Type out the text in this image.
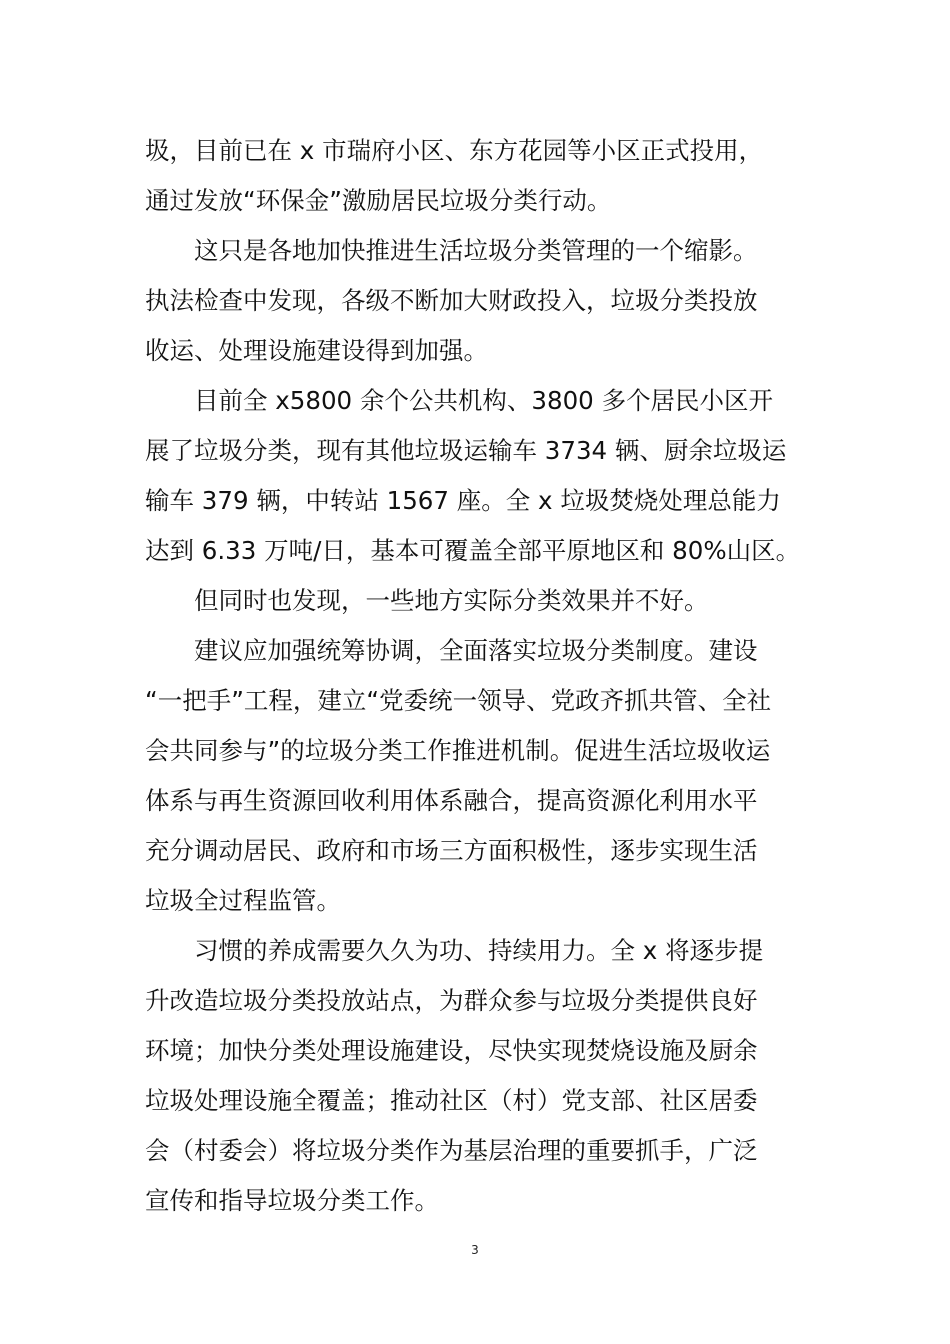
圾，目前已在 x 市瑞府小区、东方花园等小区正式投用，
通过发放“环保金”激励居民垃圾分类行动。
这只是各地加快推进生活垃圾分类管理的一个缩影。
执法检查中发现，各级不断加大财政投入，垃圾分类投放
收运、处理设施建设得到加强。
目前全 x5800 余个公共机构、3800 多个居民小区开
展了垃圾分类，现有其他垃圾运输车 3734 辆、厨余垃圾运
输车 379 辆，中转站 1567 座。全 x 垃圾焚烧处理总能力
达到 6.33 万吨/日，基本可覆盖全部平原地区和 80%山区。
但同时也发现，一些地方实际分类效果并不好。
建议应加强统筹协调，全面落实垃圾分类制度。建设
“一把手”工程，建立“党委统一领导、党政齐抓共管、全社
会共同参与”的垃圾分类工作推进机制。促进生活垃圾收运
体系与再生资源回收利用体系融合，提高资源化利用水平
充分调动居民、政府和市场三方面积极性，逐步实现生活
垃圾全过程监管。
习惯的养成需要久久为功、持续用力。全 x 将逐步提
升改造垃圾分类投放站点，为群众参与垃圾分类提供良好
环境；加快分类处理设施建设，尽快实现焚烧设施及厨余
垃圾处理设施全覆盖；推动社区（村）党支部、社区居委
会（村委会）将垃圾分类作为基层治理的重要抓手，广泛
宣传和指导垃圾分类工作。
3
